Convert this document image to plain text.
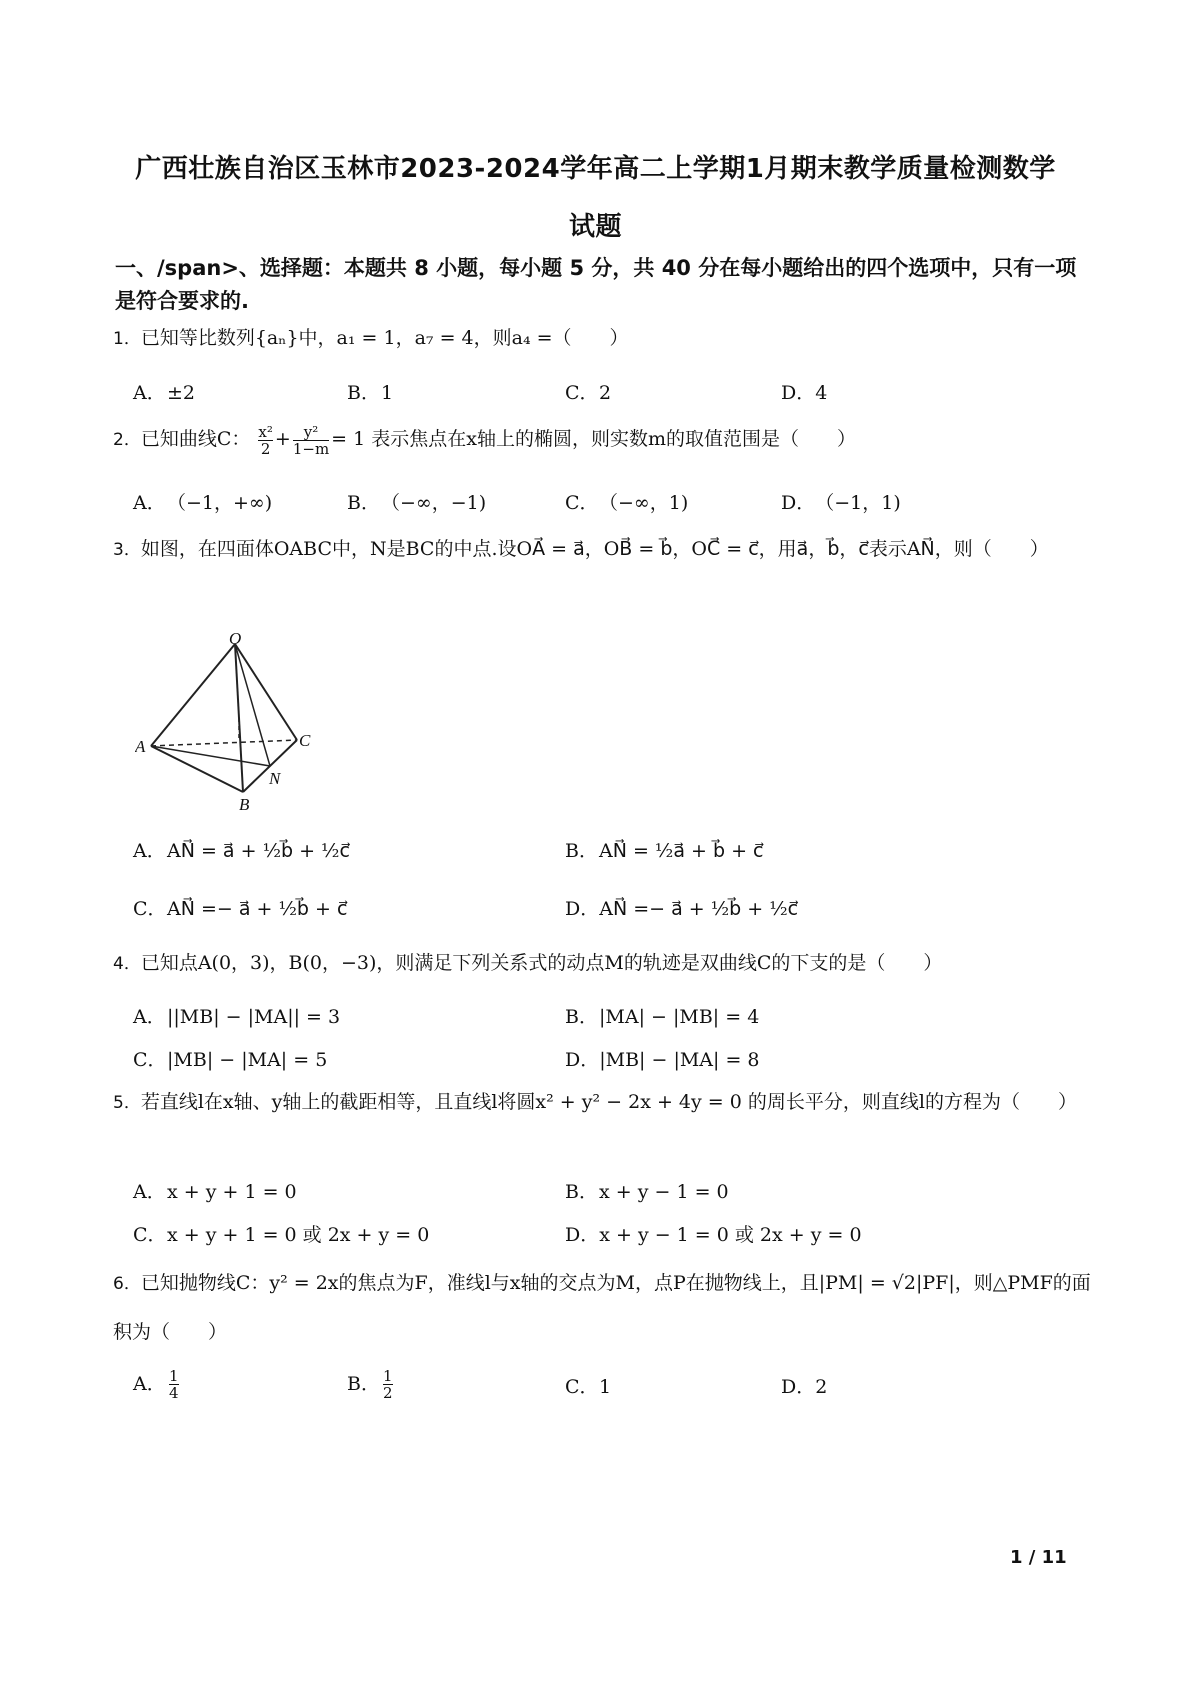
广西壮族自治区玉林市2023-2024学年高二上学期1月期末教学质量检测数学
试题
一、/span>、选择题：本题共 8 小题，每小题 5 分，共 40 分在每小题给出的四个选项中，只有一项是符合要求的.
1．已知等比数列{aₙ}中，a₁ = 1，a₇ = 4，则a₄ =（　　）
A．±2	B．1	C．2	D．4
2．已知曲线C： $\frac{\text{x²}}{2} + \frac{\text{y²}}{1-m} = 1$ 表示焦点在x轴上的椭圆，则实数m的取值范围是（　　）
A．（−1，+∞)	B．（−∞，−1)	C．（−∞，1)	D．（−1，1)
3．如图，在四面体OABC中，N是BC的中点.设OA⃗ = a⃗，OB⃗ = b⃗，OC⃗ = c⃗，用a⃗，b⃗，c⃗表示AN⃗，则（　　）
O
A
B
C
N
A．AN⃗ = a⃗ + ½b⃗ + ½c⃗	B．AN⃗ = ½a⃗ + b⃗ + c⃗
C．AN⃗ =− a⃗ + ½b⃗ + c⃗	D．AN⃗ =− a⃗ + ½b⃗ + ½c⃗
4．已知点A(0，3)，B(0，−3)，则满足下列关系式的动点M的轨迹是双曲线C的下支的是（　　）
A．||MB| − |MA|| = 3	B．|MA| − |MB| = 4
C．|MB| − |MA| = 5	D．|MB| − |MA| = 8
5．若直线l在x轴、y轴上的截距相等，且直线l将圆x² + y² − 2x + 4y = 0 的周长平分，则直线l的方程为（　　）
A．x + y + 1 = 0	B．x + y − 1 = 0
C．x + y + 1 = 0 或 2x + y = 0	D．x + y − 1 = 0 或 2x + y = 0
6．已知抛物线C：y² = 2x的焦点为F，准线l与x轴的交点为M，点P在抛物线上，且|PM| = √2|PF|，则△PMF的面积为（　　）
A． $\frac{1}{4}$	B． $\frac{1}{2}$	C．1	D．2
1 / 11
